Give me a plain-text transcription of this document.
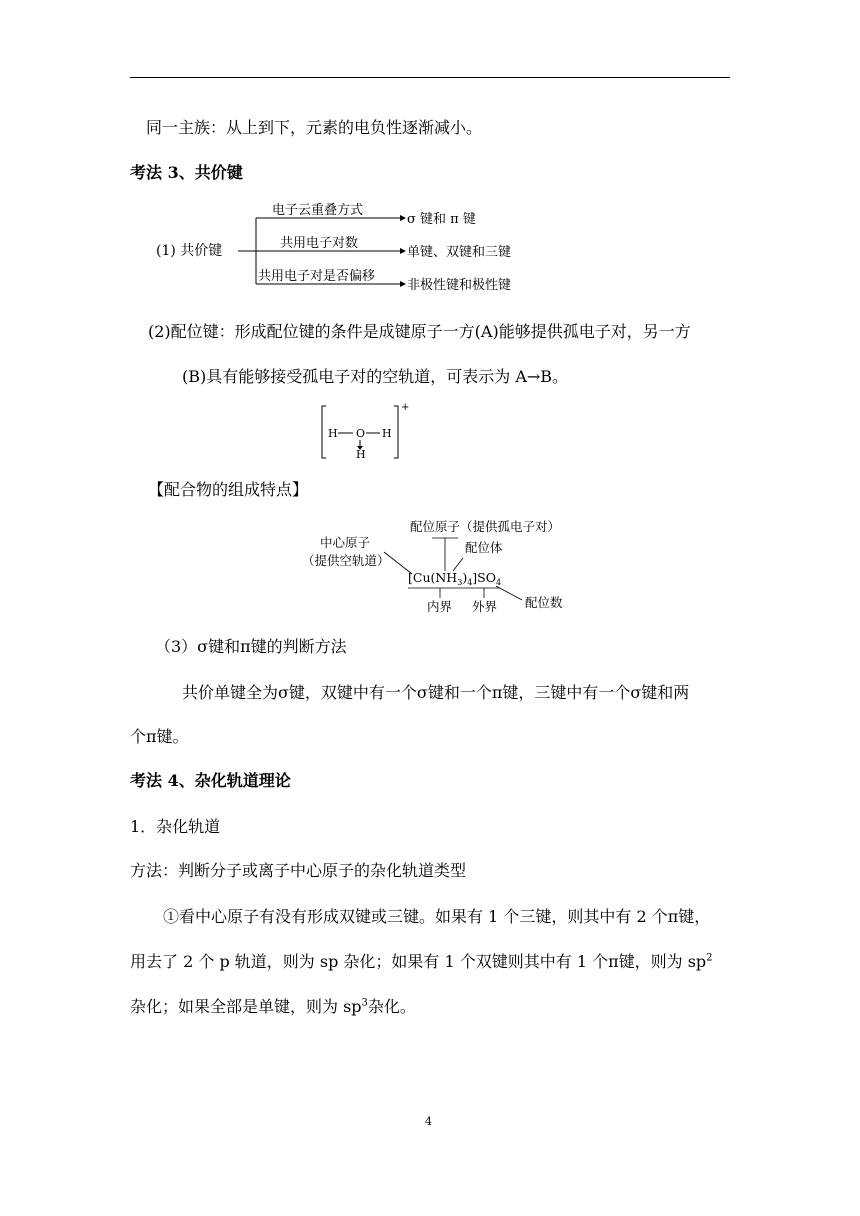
同一主族：从上到下，元素的电负性逐渐减小。
考法 3、共价键
(1) 共价键
电子云重叠方式
共用电子对数
共用电子对是否偏移
σ 键和 π 键
单键、双键和三键
非极性键和极性键
(2)配位键：形成配位键的条件是成键原子一方(A)能够提供孤电子对，另一方
(B)具有能够接受孤电子对的空轨道，可表示为 A→B。
+
H O H
H
【配合物的组成特点】
配位原子（提供孤电子对）
配位体
中心原子
（提供空轨道）
$[Cu(NH_3)_4]SO_4$
内界 外界 配位数
（3）σ键和π键的判断方法
共价单键全为σ键，双键中有一个σ键和一个π键，三键中有一个σ键和两
个π键。
考法 4、杂化轨道理论
1．杂化轨道
方法：判断分子或离子中心原子的杂化轨道类型
①看中心原子有没有形成双键或三键。如果有 1 个三键，则其中有 2 个π键，
用去了 2 个 p 轨道，则为 sp 杂化；如果有 1 个双键则其中有 1 个π键，则为 $sp^2$
杂化；如果全部是单键，则为 $sp^3$杂化。
4
